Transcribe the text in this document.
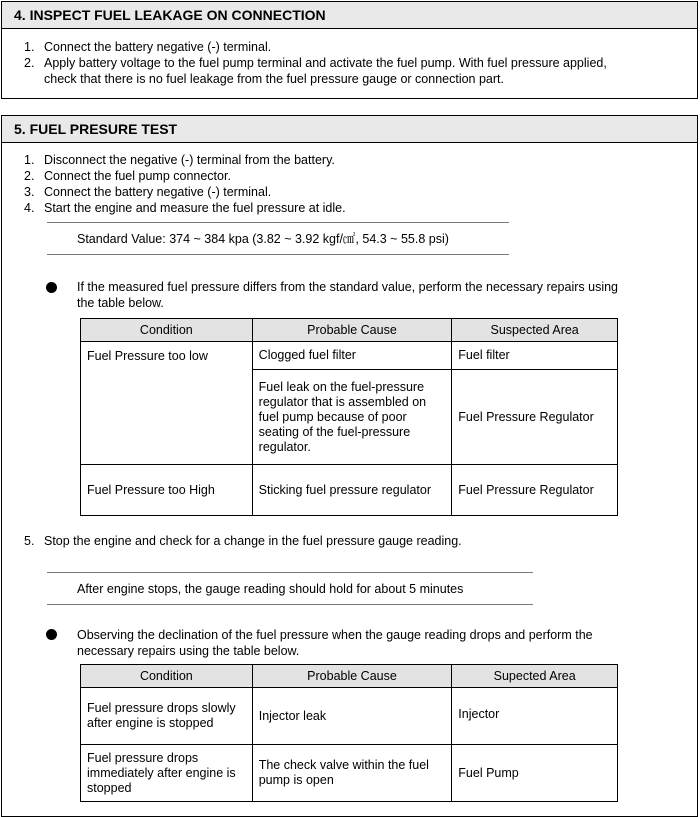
4. INSPECT FUEL LEAKAGE ON CONNECTION
1. Connect the battery negative (-) terminal.
2. Apply battery voltage to the fuel pump terminal and activate the fuel pump. With fuel pressure applied, check that there is no fuel leakage from the fuel pressure gauge or connection part.
5. FUEL PRESURE TEST
1. Disconnect the negative (-) terminal from the battery.
2. Connect the fuel pump connector.
3. Connect the battery negative (-) terminal.
4. Start the engine and measure the fuel pressure at idle.
Standard Value: 374 ~ 384 kpa (3.82 ~ 3.92 kgf/㎠, 54.3 ~ 55.8 psi)
If the measured fuel pressure differs from the standard value, perform the necessary repairs using the table below.
Condition	Probable Cause	Suspected Area
Fuel Pressure too low	Clogged fuel filter	Fuel filter
	Fuel leak on the fuel-pressure regulator that is assembled on fuel pump because of poor seating of the fuel-pressure regulator.	Fuel Pressure Regulator
Fuel Pressure too High	Sticking fuel pressure regulator	Fuel Pressure Regulator
5. Stop the engine and check for a change in the fuel pressure gauge reading.
After engine stops, the gauge reading should hold for about 5 minutes
Observing the declination of the fuel pressure when the gauge reading drops and perform the necessary repairs using the table below.
Condition	Probable Cause	Supected Area
Fuel pressure drops slowly after engine is stopped	Injector leak	Injector
Fuel pressure drops immediately after engine is stopped	The check valve within the fuel pump is open	Fuel Pump
